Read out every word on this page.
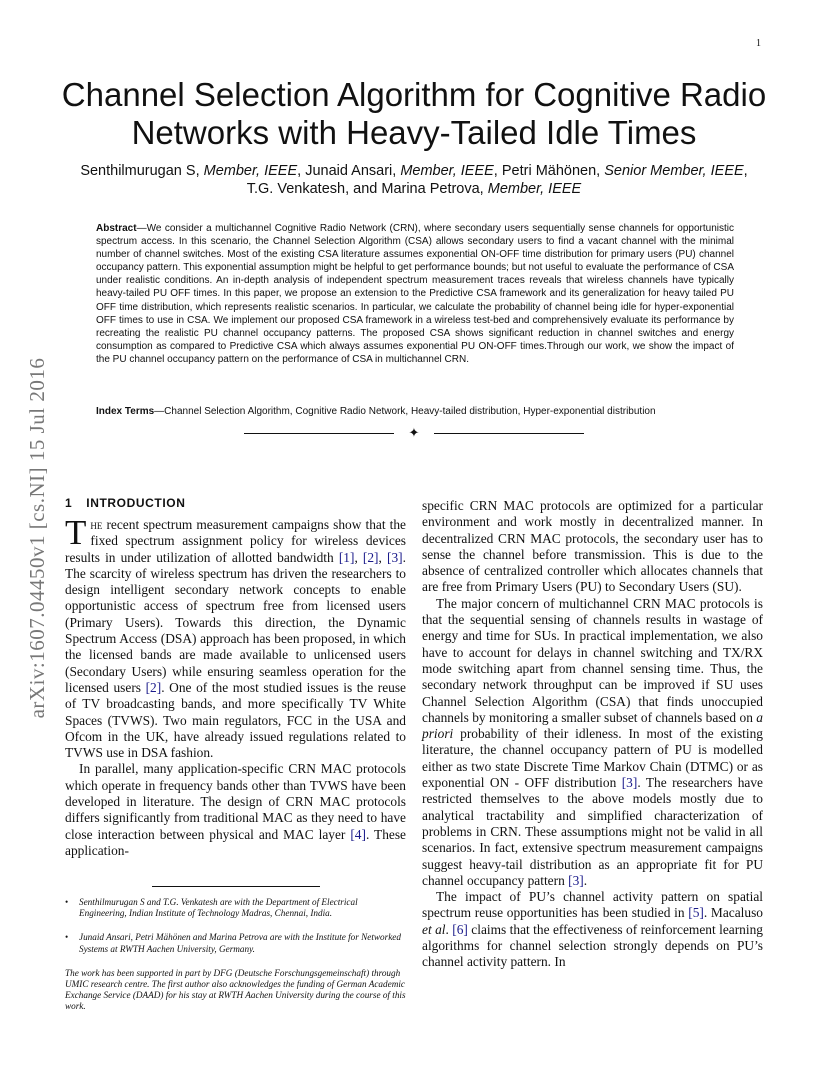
1
arXiv:1607.04450v1 [cs.NI] 15 Jul 2016
Channel Selection Algorithm for Cognitive Radio
Networks with Heavy-Tailed Idle Times
Senthilmurugan S, Member, IEEE, Junaid Ansari, Member, IEEE, Petri Mähönen, Senior Member, IEEE,
T.G. Venkatesh, and Marina Petrova, Member, IEEE
Abstract—We consider a multichannel Cognitive Radio Network (CRN), where secondary users sequentially sense channels for opportunistic spectrum access. In this scenario, the Channel Selection Algorithm (CSA) allows secondary users to find a vacant channel with the minimal number of channel switches. Most of the existing CSA literature assumes exponential ON-OFF time distribution for primary users (PU) channel occupancy pattern. This exponential assumption might be helpful to get performance bounds; but not useful to evaluate the performance of CSA under realistic conditions. An in-depth analysis of independent spectrum measurement traces reveals that wireless channels have typically heavy-tailed PU OFF times. In this paper, we propose an extension to the Predictive CSA framework and its generalization for heavy tailed PU OFF time distribution, which represents realistic scenarios. In particular, we calculate the probability of channel being idle for hyper-exponential OFF times to use in CSA. We implement our proposed CSA framework in a wireless test-bed and comprehensively evaluate its performance by recreating the realistic PU channel occupancy patterns. The proposed CSA shows significant reduction in channel switches and energy consumption as compared to Predictive CSA which always assumes exponential PU ON-OFF times.Through our work, we show the impact of the PU channel occupancy pattern on the performance of CSA in multichannel CRN.
Index Terms—Channel Selection Algorithm, Cognitive Radio Network, Heavy-tailed distribution, Hyper-exponential distribution
✦
1 INTRODUCTION

The recent spectrum measurement campaigns show that the fixed spectrum assignment policy for wireless devices results in under utilization of allotted bandwidth [1], [2], [3]. The scarcity of wireless spectrum has driven the researchers to design intelligent secondary network concepts to enable opportunistic access of spectrum free from licensed users (Primary Users). Towards this direction, the Dynamic Spectrum Access (DSA) approach has been proposed, in which the licensed bands are made available to unlicensed users (Secondary Users) while ensuring seamless operation for the licensed users [2]. One of the most studied issues is the reuse of TV broadcasting bands, and more specifically TV White Spaces (TVWS). Two main regulators, FCC in the USA and Ofcom in the UK, have already issued regulations related to TVWS use in DSA fashion.

In parallel, many application-specific CRN MAC protocols which operate in frequency bands other than TVWS have been developed in literature. The design of CRN MAC protocols differs significantly from traditional MAC as they need to have close interaction between physical and MAC layer [4]. These application-

specific CRN MAC protocols are optimized for a particular environment and work mostly in decentralized manner. In decentralized CRN MAC protocols, the secondary user has to sense the channel before transmission. This is due to the absence of centralized controller which allocates channels that are free from Primary Users (PU) to Secondary Users (SU).

The major concern of multichannel CRN MAC protocols is that the sequential sensing of channels results in wastage of energy and time for SUs. In practical implementation, we also have to account for delays in channel switching and TX/RX mode switching apart from channel sensing time. Thus, the secondary network throughput can be improved if SU uses Channel Selection Algorithm (CSA) that finds unoccupied channels by monitoring a smaller subset of channels based on a priori probability of their idleness. In most of the existing literature, the channel occupancy pattern of PU is modelled either as two state Discrete Time Markov Chain (DTMC) or as exponential ON - OFF distribution [3]. The researchers have restricted themselves to the above models mostly due to analytical tractability and simplified characterization of problems in CRN. These assumptions might not be valid in all scenarios. In fact, extensive spectrum measurement campaigns suggest heavy-tail distribution as an appropriate fit for PU channel occupancy pattern [3].

The impact of PU’s channel activity pattern on spatial spectrum reuse opportunities has been studied in [5]. Macaluso et al. [6] claims that the effectiveness of reinforcement learning algorithms for channel selection strongly depends on PU’s channel activity pattern. In

• Senthilmurugan S and T.G. Venkatesh are with the Department of Electrical Engineering, Indian Institute of Technology Madras, Chennai, India.
• Junaid Ansari, Petri Mähönen and Marina Petrova are with the Institute for Networked Systems at RWTH Aachen University, Germany.
The work has been supported in part by DFG (Deutsche Forschungsgemeinschaft) through UMIC research centre. The first author also acknowledges the funding of German Academic Exchange Service (DAAD) for his stay at RWTH Aachen University during the course of this work.
